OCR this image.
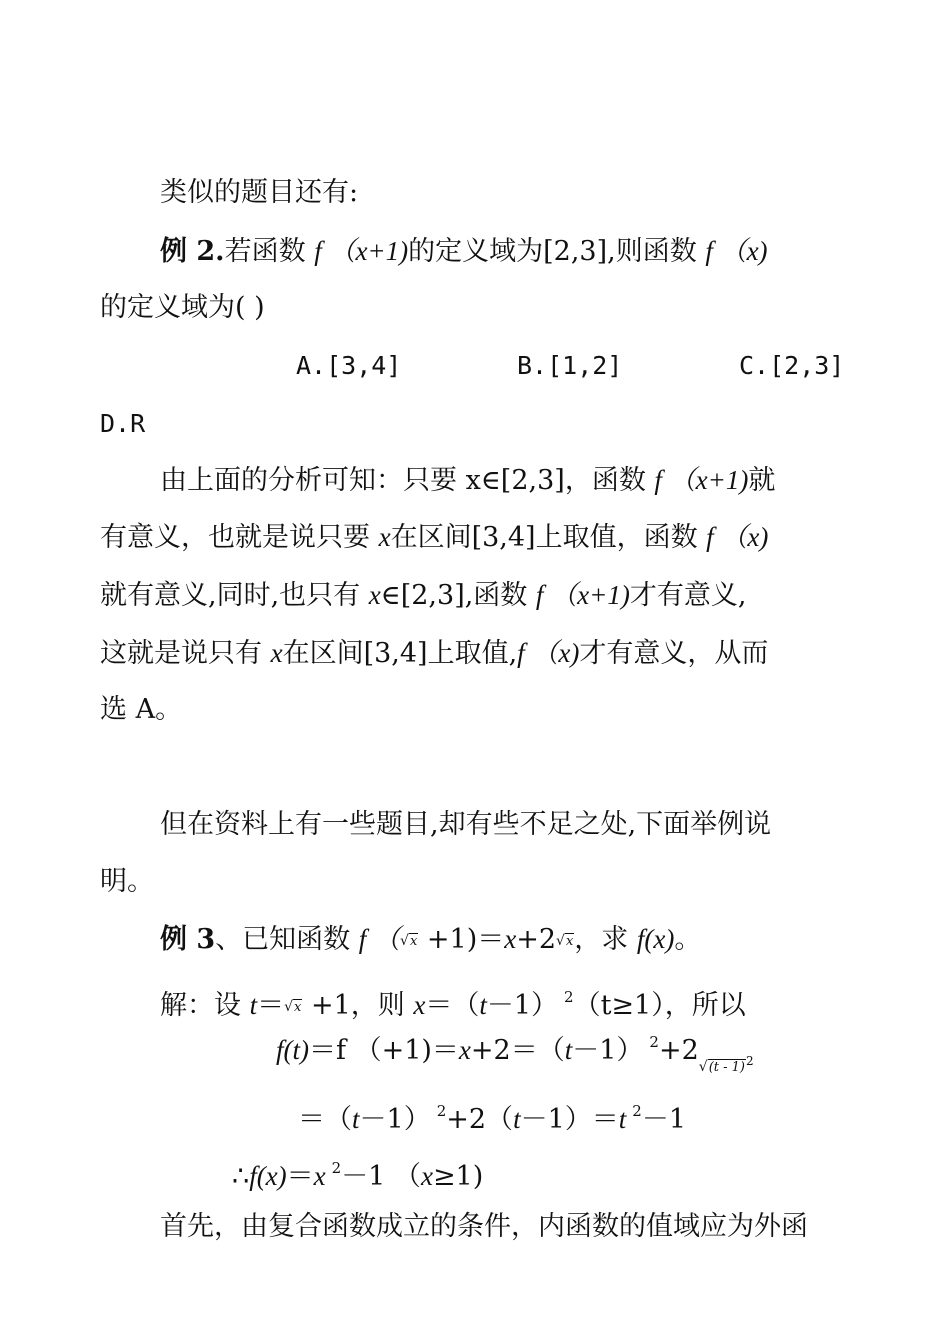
类似的题目还有:
例 2.若函数 f （x+1)的定义域为[2,3],则函数 f （x)
的定义域为( )
A.[3,4]	B.[1,2]	C.[2,3]
D.R
由上面的分析可知：只要 x∈[2,3]，函数 f （x+1)就
有意义，也就是说只要 x在区间[3,4]上取值，函数 f （x)
就有意义,同时,也只有 x∈[2,3],函数 f （x+1)才有意义,
这就是说只有 x在区间[3,4]上取值,f （x)才有意义，从而
选 A。
但在资料上有一些题目,却有些不足之处,下面举例说
明。
例 3、已知函数 f （√x +1)＝x+2√x，求 f(x)。
解：设 t＝√x +1，则 x＝（t－1） $^2$（t≥1），所以
f(t)＝f （+1)＝x+2＝（t－1） $^2$+2√(t - 1)2
＝（t－1） $^2$+2（t－1）＝t $^2$－1
∴f(x)＝x $^2$－1 （x≥1)
首先，由复合函数成立的条件，内函数的值域应为外函
